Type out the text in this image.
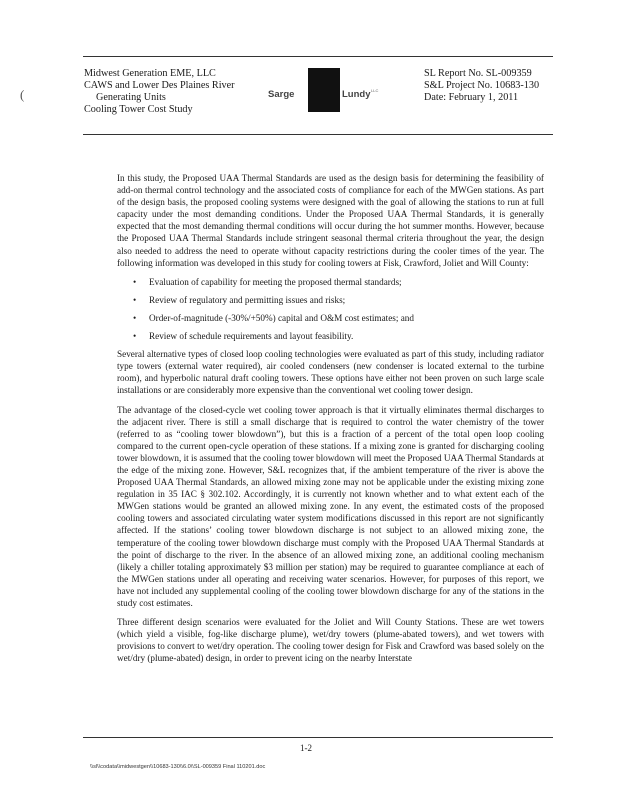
Midwest Generation EME, LLC
CAWS and Lower Des Plaines River
Generating Units
Cooling Tower Cost Study
Sarge	Lundy LLC
SL Report No. SL-009359
S&L Project No. 10683-130
Date: February 1, 2011
(

In this study, the Proposed UAA Thermal Standards are used as the design basis for determining the feasibility of add-on thermal control technology and the associated costs of compliance for each of the MWGen stations. As part of the design basis, the proposed cooling systems were designed with the goal of allowing the stations to run at full capacity under the most demanding conditions. Under the Proposed UAA Thermal Standards, it is generally expected that the most demanding thermal conditions will occur during the hot summer months. However, because the Proposed UAA Thermal Standards include stringent seasonal thermal criteria throughout the year, the design also needed to address the need to operate without capacity restrictions during the cooler times of the year. The following information was developed in this study for cooling towers at Fisk, Crawford, Joliet and Will County:

• Evaluation of capability for meeting the proposed thermal standards;
• Review of regulatory and permitting issues and risks;
• Order-of-magnitude (-30%/+50%) capital and O&M cost estimates; and
• Review of schedule requirements and layout feasibility.

Several alternative types of closed loop cooling technologies were evaluated as part of this study, including radiator type towers (external water required), air cooled condensers (new condenser is located external to the turbine room), and hyperbolic natural draft cooling towers. These options have either not been proven on such large scale installations or are considerably more expensive than the conventional wet cooling tower design.

The advantage of the closed-cycle wet cooling tower approach is that it virtually eliminates thermal discharges to the adjacent river. There is still a small discharge that is required to control the water chemistry of the tower (referred to as “cooling tower blowdown”), but this is a fraction of a percent of the total open loop cooling compared to the current open-cycle operation of these stations. If a mixing zone is granted for discharging cooling tower blowdown, it is assumed that the cooling tower blowdown will meet the Proposed UAA Thermal Standards at the edge of the mixing zone. However, S&L recognizes that, if the ambient temperature of the river is above the Proposed UAA Thermal Standards, an allowed mixing zone may not be applicable under the existing mixing zone regulation in 35 IAC § 302.102. Accordingly, it is currently not known whether and to what extent each of the MWGen stations would be granted an allowed mixing zone. In any event, the estimated costs of the proposed cooling towers and associated circulating water system modifications discussed in this report are not significantly affected. If the stations’ cooling tower blowdown discharge is not subject to an allowed mixing zone, the temperature of the cooling tower blowdown discharge must comply with the Proposed UAA Thermal Standards at the point of discharge to the river. In the absence of an allowed mixing zone, an additional cooling mechanism (likely a chiller totaling approximately $3 million per station) may be required to guarantee compliance at each of the MWGen stations under all operating and receiving water scenarios. However, for purposes of this report, we have not included any supplemental cooling of the cooling tower blowdown discharge for any of the stations in the study cost estimates.

Three different design scenarios were evaluated for the Joliet and Will County Stations. These are wet towers (which yield a visible, fog-like discharge plume), wet/dry towers (plume-abated towers), and wet towers with provisions to convert to wet/dry operation. The cooling tower design for Fisk and Crawford was based solely on the wet/dry (plume-abated) design, in order to prevent icing on the nearby Interstate

1-2
\\sl\\codata\\midwestgen\\10683-130\\6.0\\SL-009359 Final 110201.doc
